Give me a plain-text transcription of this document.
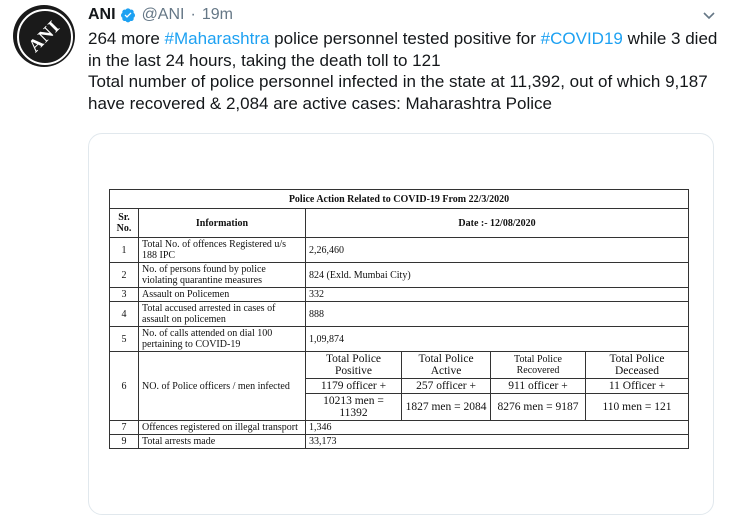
ANI
ANI @ANI · 19m

264 more #Maharashtra police personnel tested positive for #COVID19 while 3 died in the last 24 hours, taking the death toll to 121

Total number of police personnel infected in the state at 11,392, out of which 9,187 have recovered & 2,084 are active cases: Maharashtra Police

Police Action Related to COVID-19 From 22/3/2020					
Sr. No.	Information	Date :- 12/08/2020			
1	Total No. of offences Registered u/s 188 IPC	2,26,460			
2	No. of persons found by police violating quarantine measures	824 (Exld. Mumbai City)			
3	Assault on Policemen	332			
4	Total accused arrested in cases of assault on policemen	888			
5	No. of calls attended on dial 100 pertaining to COVID-19	1,09,874			
6	NO. of Police officers / men infected	Total Police Positive	Total Police Active	Total Police Recovered	Total Police Deceased
		1179 officer +	257 officer +	911 officer +	11 Officer +
		10213 men = 11392	1827 men = 2084	8276 men = 9187	110 men = 121
7	Offences registered on illegal transport	1,346			
9	Total arrests made	33,173			
